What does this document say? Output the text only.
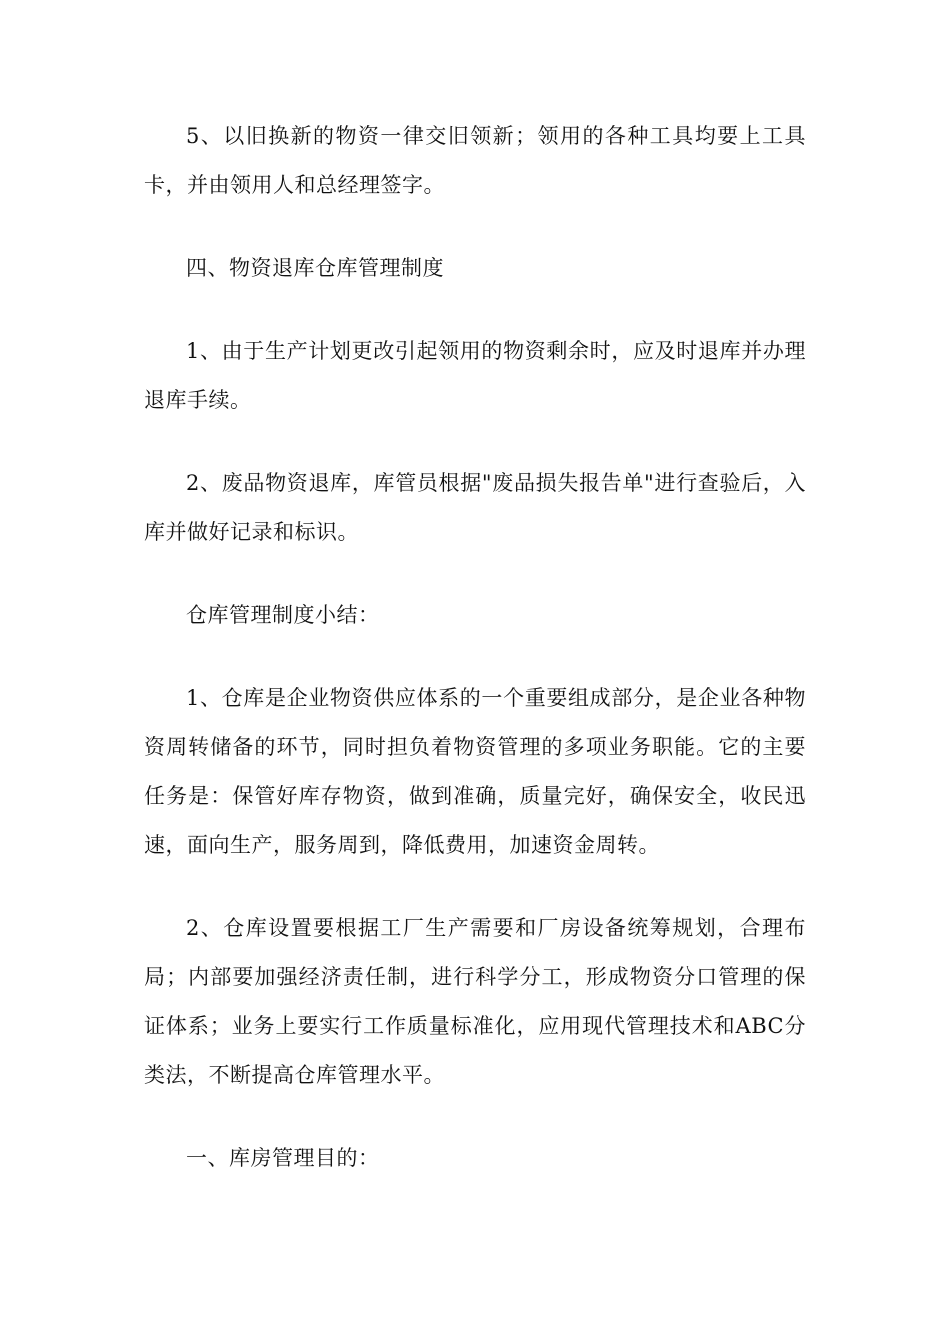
5、以旧换新的物资一律交旧领新；领用的各种工具均要上工具卡，并由领用人和总经理签字。

四、物资退库仓库管理制度

1、由于生产计划更改引起领用的物资剩余时，应及时退库并办理退库手续。

2、废品物资退库，库管员根据"废品损失报告单"进行查验后，入库并做好记录和标识。

仓库管理制度小结：

1、仓库是企业物资供应体系的一个重要组成部分，是企业各种物资周转储备的环节，同时担负着物资管理的多项业务职能。它的主要任务是：保管好库存物资，做到准确，质量完好，确保安全，收民迅速，面向生产，服务周到，降低费用，加速资金周转。

2、仓库设置要根据工厂生产需要和厂房设备统筹规划，合理布局；内部要加强经济责任制，进行科学分工，形成物资分口管理的保证体系；业务上要实行工作质量标准化，应用现代管理技术和ABC分类法，不断提高仓库管理水平。

一、库房管理目的：
